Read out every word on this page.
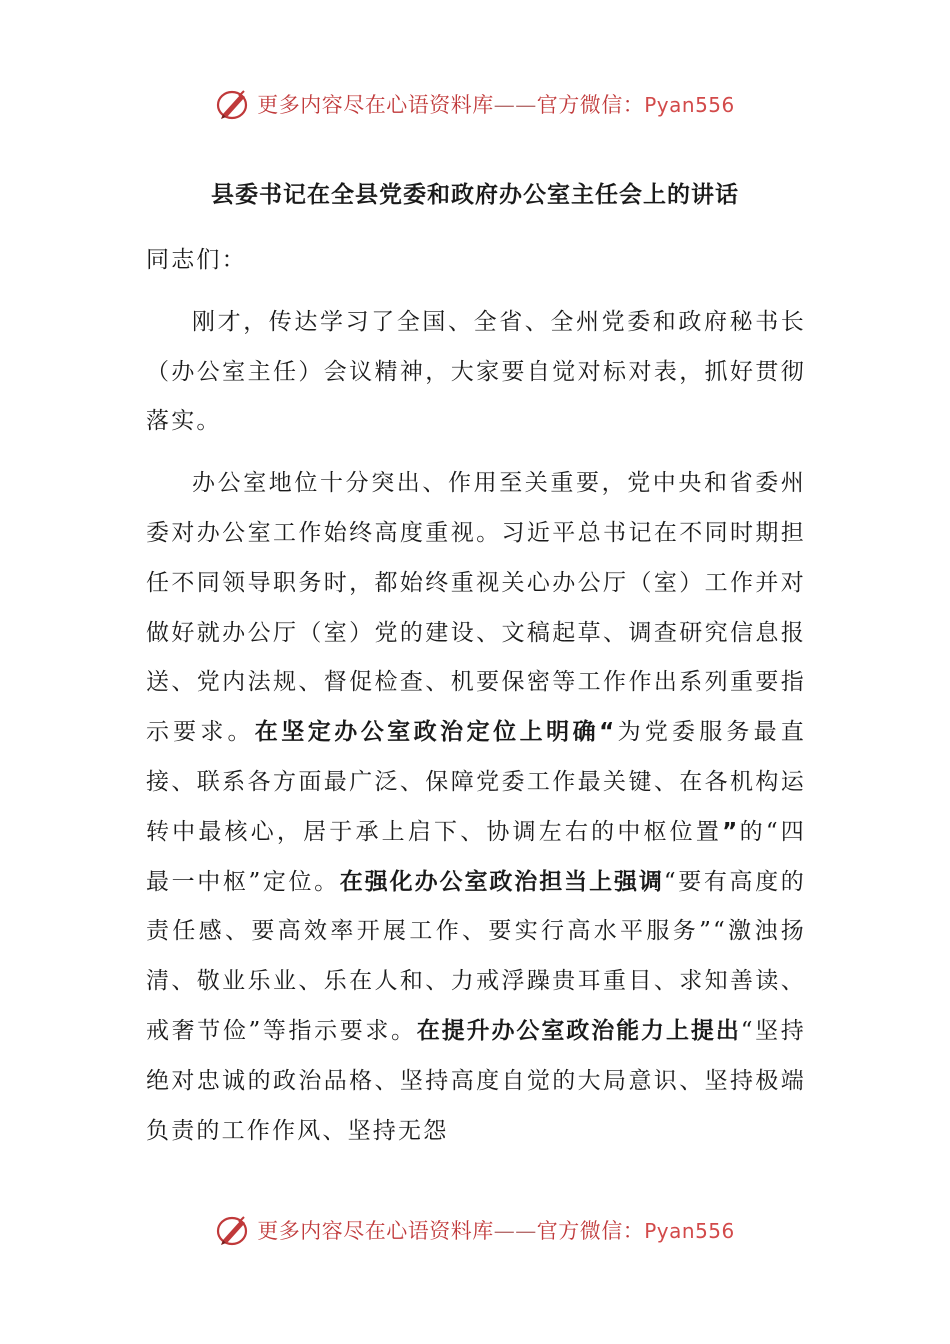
更多内容尽在心语资料库——官方微信：Pyan556
县委书记在全县党委和政府办公室主任会上的讲话

同志们：

刚才，传达学习了全国、全省、全州党委和政府秘书长（办公室主任）会议精神，大家要自觉对标对表，抓好贯彻落实。

办公室地位十分突出、作用至关重要，党中央和省委州委对办公室工作始终高度重视。习近平总书记在不同时期担任不同领导职务时，都始终重视关心办公厅（室）工作并对做好就办公厅（室）党的建设、文稿起草、调查研究信息报送、党内法规、督促检查、机要保密等工作作出系列重要指示要求。在坚定办公室政治定位上明确“为党委服务最直接、联系各方面最广泛、保障党委工作最关键、在各机构运转中最核心，居于承上启下、协调左右的中枢位置”的“四最一中枢”定位。在强化办公室政治担当上强调“要有高度的责任感、要高效率开展工作、要实行高水平服务”“激浊扬清、敬业乐业、乐在人和、力戒浮躁贵耳重目、求知善读、戒奢节俭”等指示要求。在提升办公室政治能力上提出“坚持绝对忠诚的政治品格、坚持高度自觉的大局意识、坚持极端负责的工作作风、坚持无怨

更多内容尽在心语资料库——官方微信：Pyan556
